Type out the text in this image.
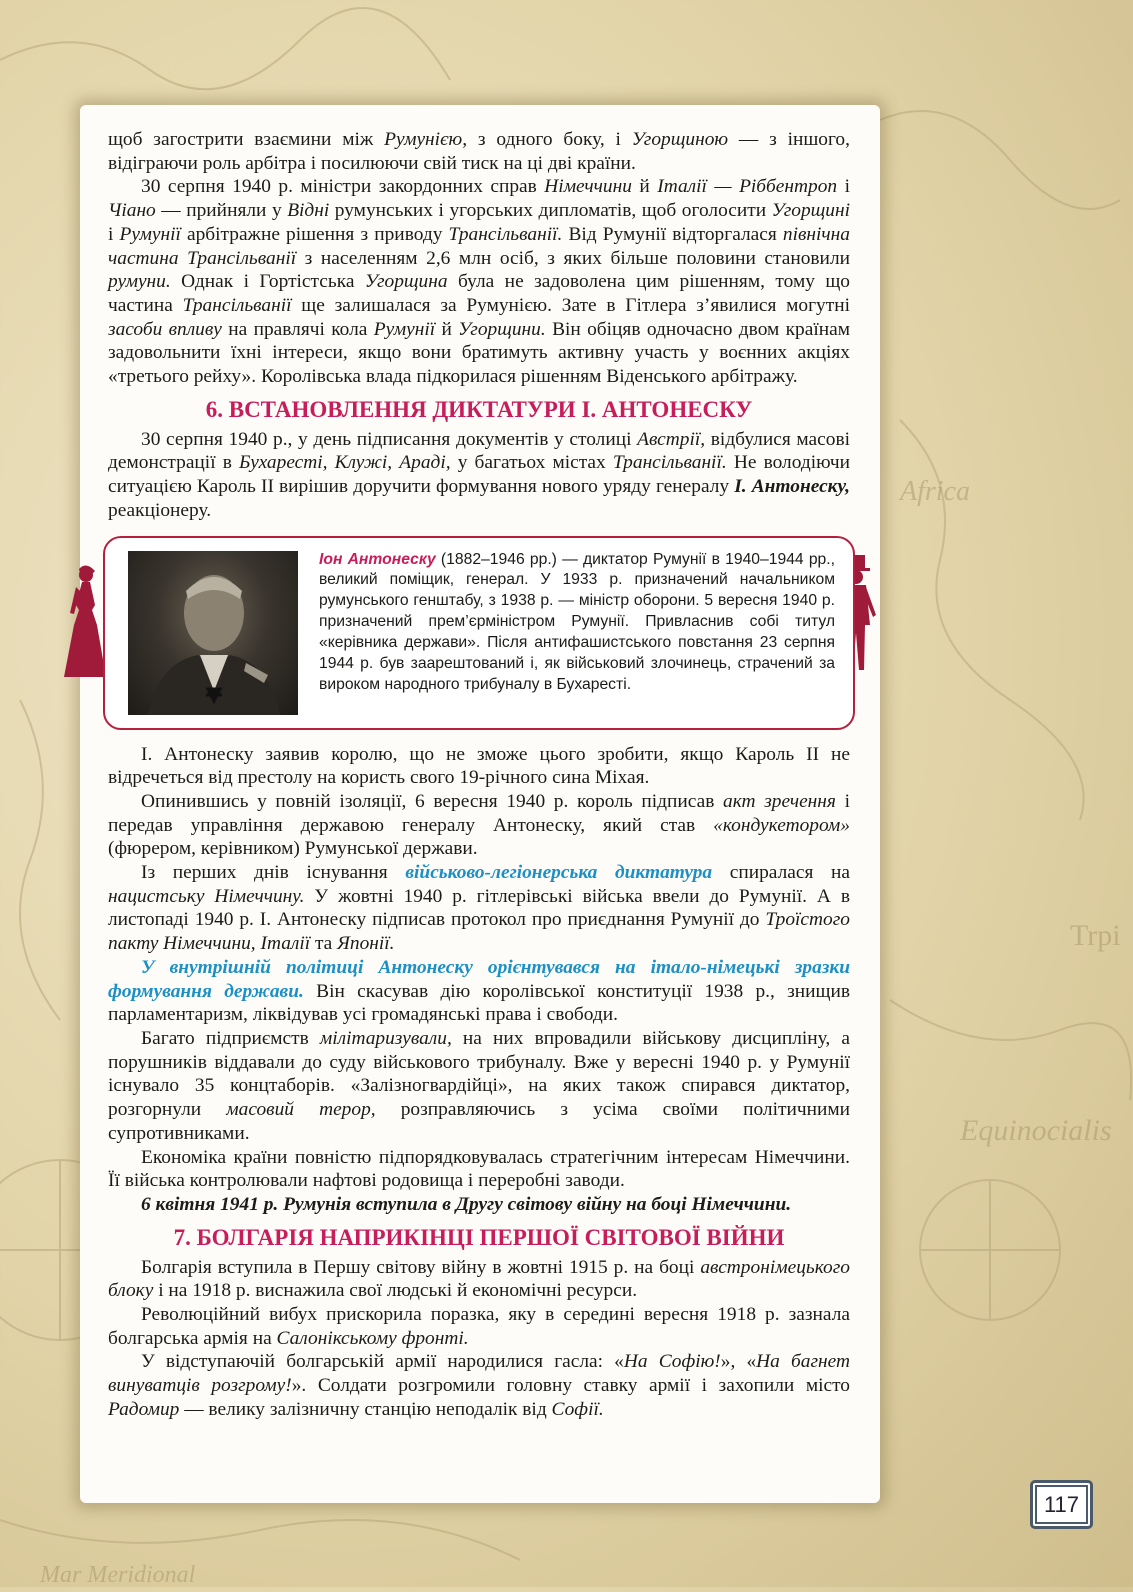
Africa
Trpi
Equinocialis
Mar Meridional

щоб загострити взаємини між Румунією, з одного боку, і Угорщиною — з іншого, відіграючи роль арбітра і посилюючи свій тиск на ці дві країни.

30 серпня 1940 р. міністри закордонних справ Німеччини й Італії — Ріббентроп і Чіано — прийняли у Відні румунських і угорських дипломатів, щоб оголосити Угорщині і Румунії арбітражне рішення з приводу Трансільванії. Від Румунії відторгалася північна частина Трансільванії з населенням 2,6 млн осіб, з яких більше половини становили румуни. Однак і Гортістська Угорщина була не задоволена цим рішенням, тому що частина Трансільванії ще залишалася за Румунією. Зате в Гітлера з’явилися могутні засоби впливу на правлячі кола Румунії й Угорщини. Він обіцяв одночасно двом країнам задовольнити їхні інтереси, якщо вони братимуть активну участь у воєнних акціях «третього рейху». Королівська влада підкорилася рішенням Віденського арбітражу.

6. ВСТАНОВЛЕННЯ ДИКТАТУРИ І. АНТОНЕСКУ

30 серпня 1940 р., у день підписання документів у столиці Австрії, відбулися масові демонстрації в Бухаресті, Клужі, Араді, у багатьох містах Трансільванії. Не володіючи ситуацією Кароль ІІ вирішив доручити формування нового уряду генералу І. Антонеску, реакціонеру.

Іон Антонеску (1882–1946 рр.) — диктатор Румунії в 1940–1944 рр., великий поміщик, генерал. У 1933 р. призначений начальником румунського генштабу, з 1938 р. — міністр оборони. 5 вересня 1940 р. призначений прем’єрміністром Румунії. Привласнив собі титул «керівника держави». Після антифашистського повстання 23 серпня 1944 р. був заарештований і, як військовий злочинець, страчений за вироком народного трибуналу в Бухаресті.

І. Антонеску заявив королю, що не зможе цього зробити, якщо Кароль ІІ не відречеться від престолу на користь свого 19-річного сина Міхая.

Опинившись у повній ізоляції, 6 вересня 1940 р. король підписав акт зречення і передав управління державою генералу Антонеску, який став «кондукетором» (фюрером, керівником) Румунської держави.

Із перших днів існування військово-легіонерська диктатура спиралася на нацистську Німеччину. У жовтні 1940 р. гітлерівські війська ввели до Румунії. А в листопаді 1940 р. І. Антонеску підписав протокол про приєднання Румунії до Троїстого пакту Німеччини, Італії та Японії.

У внутрішній політиці Антонеску орієнтувався на італо-німецькі зразки формування держави. Він скасував дію королівської конституції 1938 р., знищив парламентаризм, ліквідував усі громадянські права і свободи.

Багато підприємств мілітаризували, на них впровадили військову дисципліну, а порушників віддавали до суду військового трибуналу. Вже у вересні 1940 р. у Румунії існувало 35 концтаборів. «Залізногвардійці», на яких також спирався диктатор, розгорнули масовий терор, розправляючись з усіма своїми політичними супротивниками.

Економіка країни повністю підпорядковувалась стратегічним інтересам Німеччини. Її війська контролювали нафтові родовища і переробні заводи.

6 квітня 1941 р. Румунія вступила в Другу світову війну на боці Німеччини.

7. БОЛГАРІЯ НАПРИКІНЦІ ПЕРШОЇ СВІТОВОЇ ВІЙНИ

Болгарія вступила в Першу світову війну в жовтні 1915 р. на боці австронімецького блоку і на 1918 р. виснажила свої людські й економічні ресурси.

Революційний вибух прискорила поразка, яку в середині вересня 1918 р. зазнала болгарська армія на Салонікському фронті.

У відступаючій болгарській армії народилися гасла: «На Софію!», «На багнет винуватців розгрому!». Солдати розгромили головну ставку армії і захопили місто Радомир — велику залізничну станцію неподалік від Софії.

117
